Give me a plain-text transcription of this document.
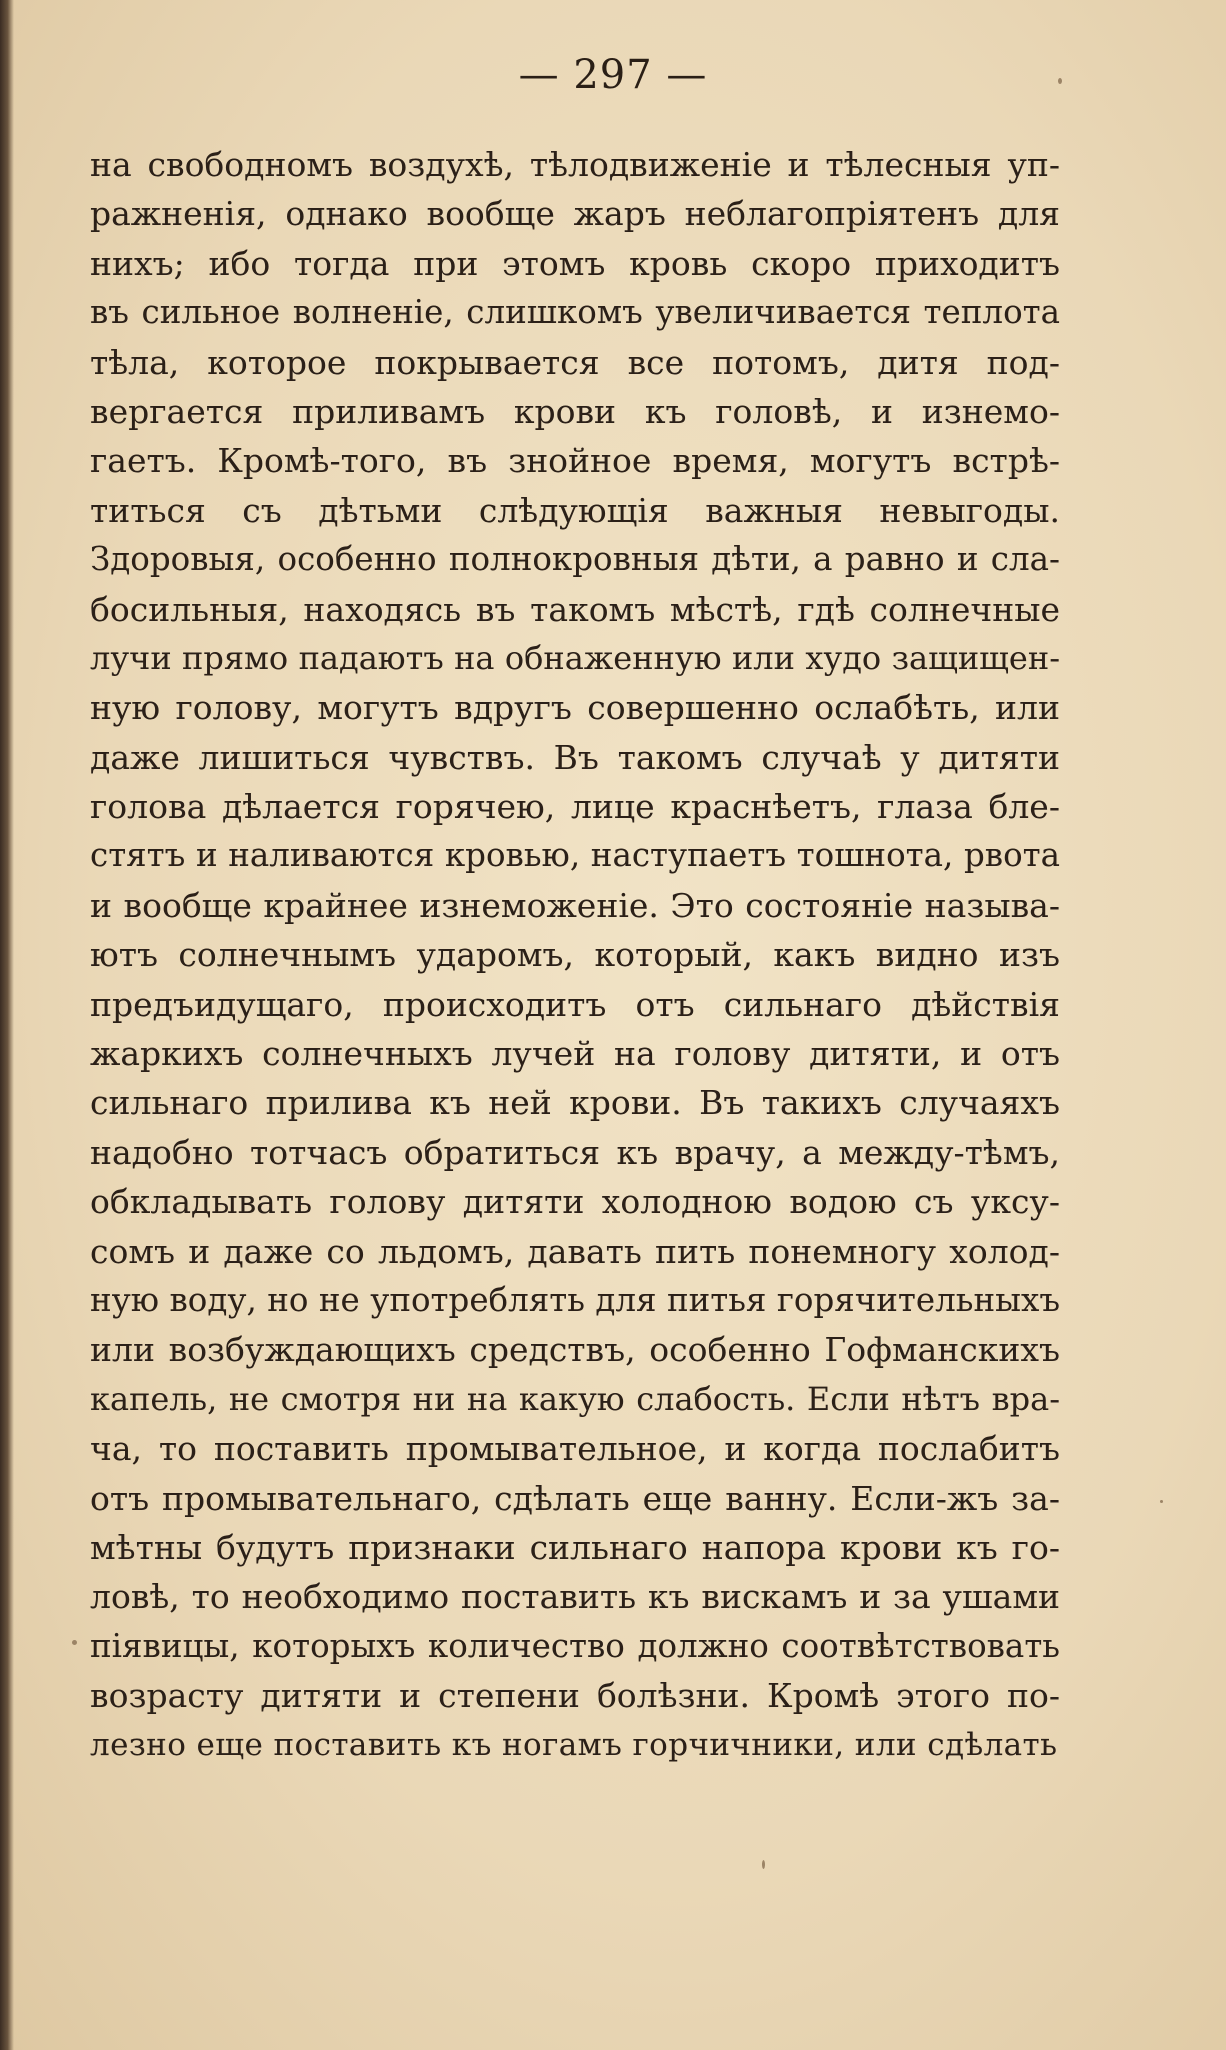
— 297 —
на свободномъ воздухѣ, тѣлодвиженіе и тѣлесныя уп-
ражненія, однако вообще жаръ неблагопріятенъ для
нихъ; ибо тогда при этомъ кровь скоро приходитъ
въ сильное волненіе, слишкомъ увеличивается теплота
тѣла, которое покрывается все потомъ, дитя под-
вергается приливамъ крови къ головѣ, и изнемо-
гаетъ. Кромѣ-того, въ знойное время, могутъ встрѣ-
титься съ дѣтьми слѣдующія важныя невыгоды.
Здоровыя, особенно полнокровныя дѣти, а равно и сла-
босильныя, находясь въ такомъ мѣстѣ, гдѣ солнечные
лучи прямо падаютъ на обнаженную или худо защищен-
ную голову, могутъ вдругъ совершенно ослабѣть, или
даже лишиться чувствъ. Въ такомъ случаѣ у дитяти
голова дѣлается горячею, лице краснѣетъ, глаза бле-
стятъ и наливаются кровью, наступаетъ тошнота, рвота
и вообще крайнее изнеможеніе. Это состояніе называ-
ютъ солнечнымъ ударомъ, который, какъ видно изъ
предъидущаго, происходитъ отъ сильнаго дѣйствія
жаркихъ солнечныхъ лучей на голову дитяти, и отъ
сильнаго прилива къ ней крови. Въ такихъ случаяхъ
надобно тотчасъ обратиться къ врачу, а между-тѣмъ,
обкладывать голову дитяти холодною водою съ уксу-
сомъ и даже со льдомъ, давать пить понемногу холод-
ную воду, но не употреблять для питья горячительныхъ
или возбуждающихъ средствъ, особенно Гофманскихъ
капель, не смотря ни на какую слабость. Если нѣтъ вра-
ча, то поставить промывательное, и когда послабитъ
отъ промывательнаго, сдѣлать еще ванну. Если-жъ за-
мѣтны будутъ признаки сильнаго напора крови къ го-
ловѣ, то необходимо поставить къ вискамъ и за ушами
піявицы, которыхъ количество должно соотвѣтствовать
возрасту дитяти и степени болѣзни. Кромѣ этого по-
лезно еще поставить къ ногамъ горчичники, или сдѣлать
